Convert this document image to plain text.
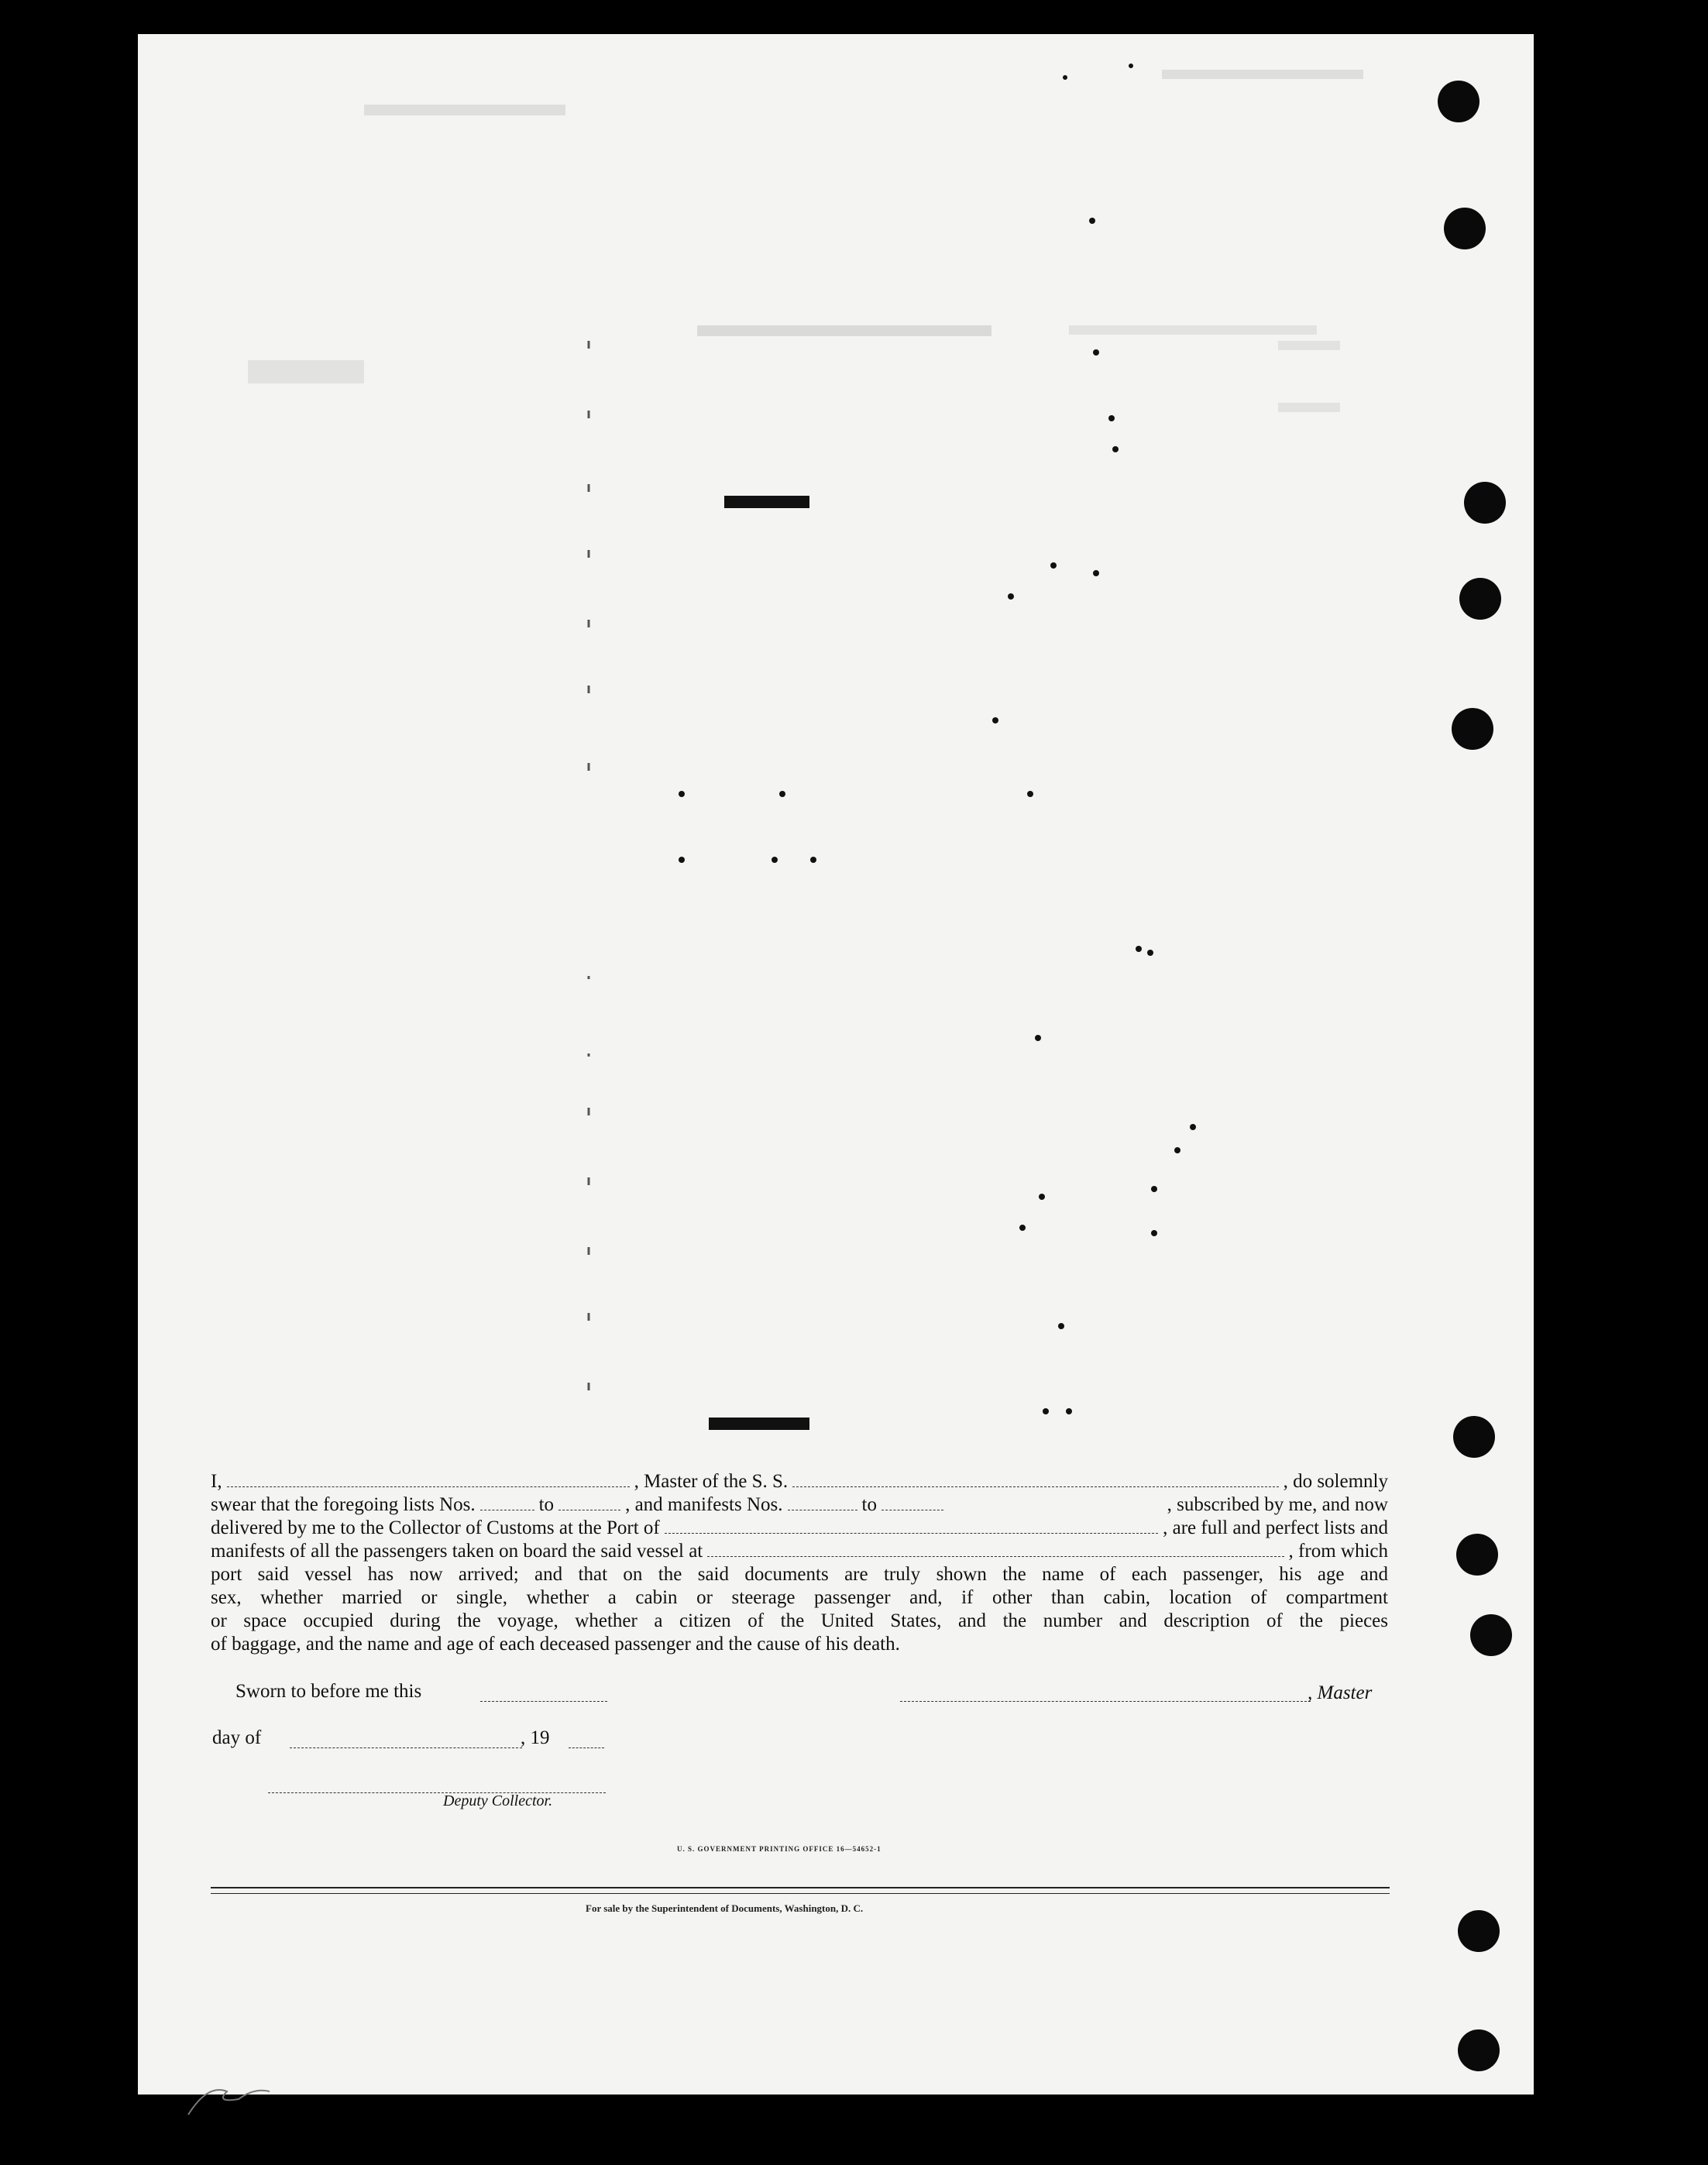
I,	, Master of the S. S.	, do solemnly
swear that the foregoing lists Nos.	to	, and manifests Nos.	to	, subscribed by me, and now
delivered by me to the Collector of Customs at the Port of	, are full and perfect lists and
manifests of all the passengers taken on board the said vessel at	, from which
port said vessel has now arrived; and that on the said documents are truly shown the name of each passenger, his age and
sex, whether married or single, whether a cabin or steerage passenger and, if other than cabin, location of compartment
or space occupied during the voyage, whether a citizen of the United States, and the number and description of the pieces
of baggage, and the name and age of each deceased passenger and the cause of his death.
Sworn to before me this	, Master
day of	, 19
Deputy Collector.
U. S. GOVERNMENT PRINTING OFFICE 16—54652-1
For sale by the Superintendent of Documents, Washington, D. C.
